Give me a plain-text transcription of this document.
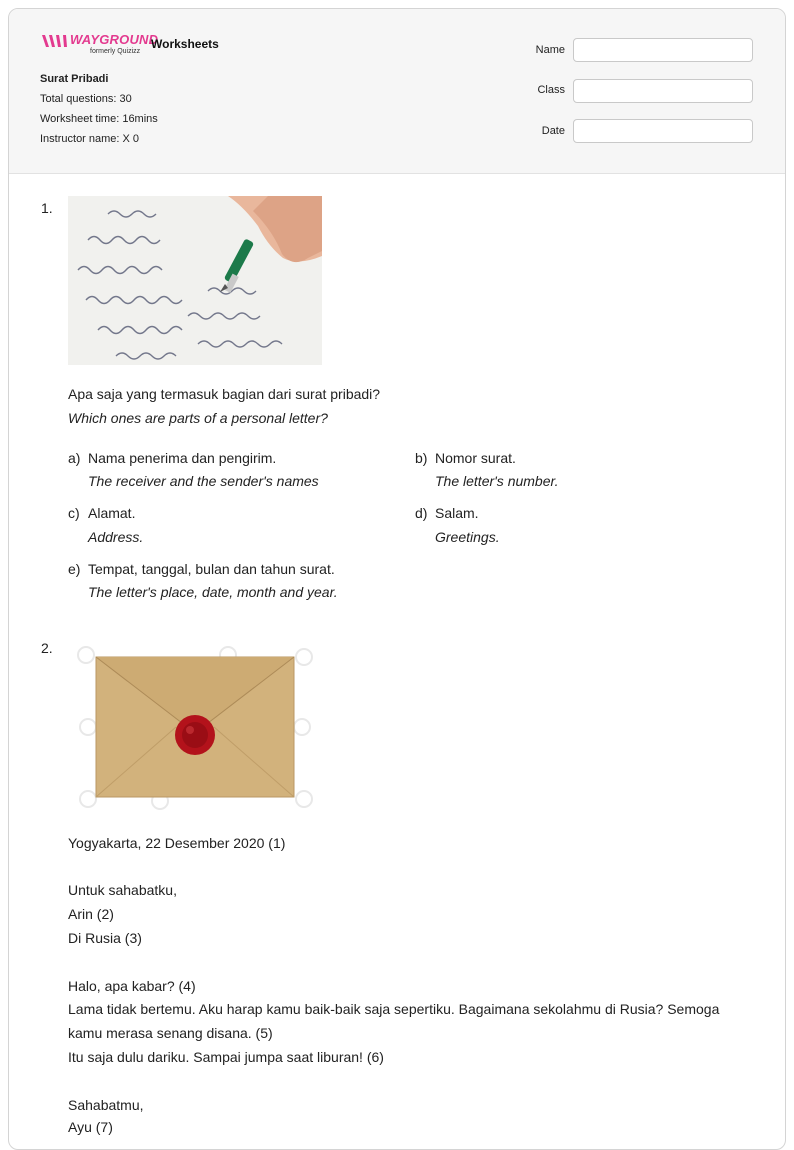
WAYGROUND
formerly Quizizz
Worksheets
Surat Pribadi
Total questions: 30
Worksheet time: 16mins
Instructor name: X 0
Name
Class
Date
1.
Apa saja yang termasuk bagian dari surat pribadi?
Which ones are parts of a personal letter?
a) Nama penerima dan pengirim.
The receiver and the sender's names
b) Nomor surat.
The letter's number.
c) Alamat.
Address.
d) Salam.
Greetings.
e) Tempat, tanggal, bulan dan tahun surat.
The letter's place, date, month and year.
2.
Yogyakarta, 22 Desember 2020 (1)
Untuk sahabatku,
Arin (2)
Di Rusia (3)
Halo, apa kabar? (4)
Lama tidak bertemu. Aku harap kamu baik-baik saja sepertiku. Bagaimana sekolahmu di Rusia? Semoga kamu merasa senang disana. (5)
Itu saja dulu dariku. Sampai jumpa saat liburan! (6)
Sahabatmu,
Ayu (7)
